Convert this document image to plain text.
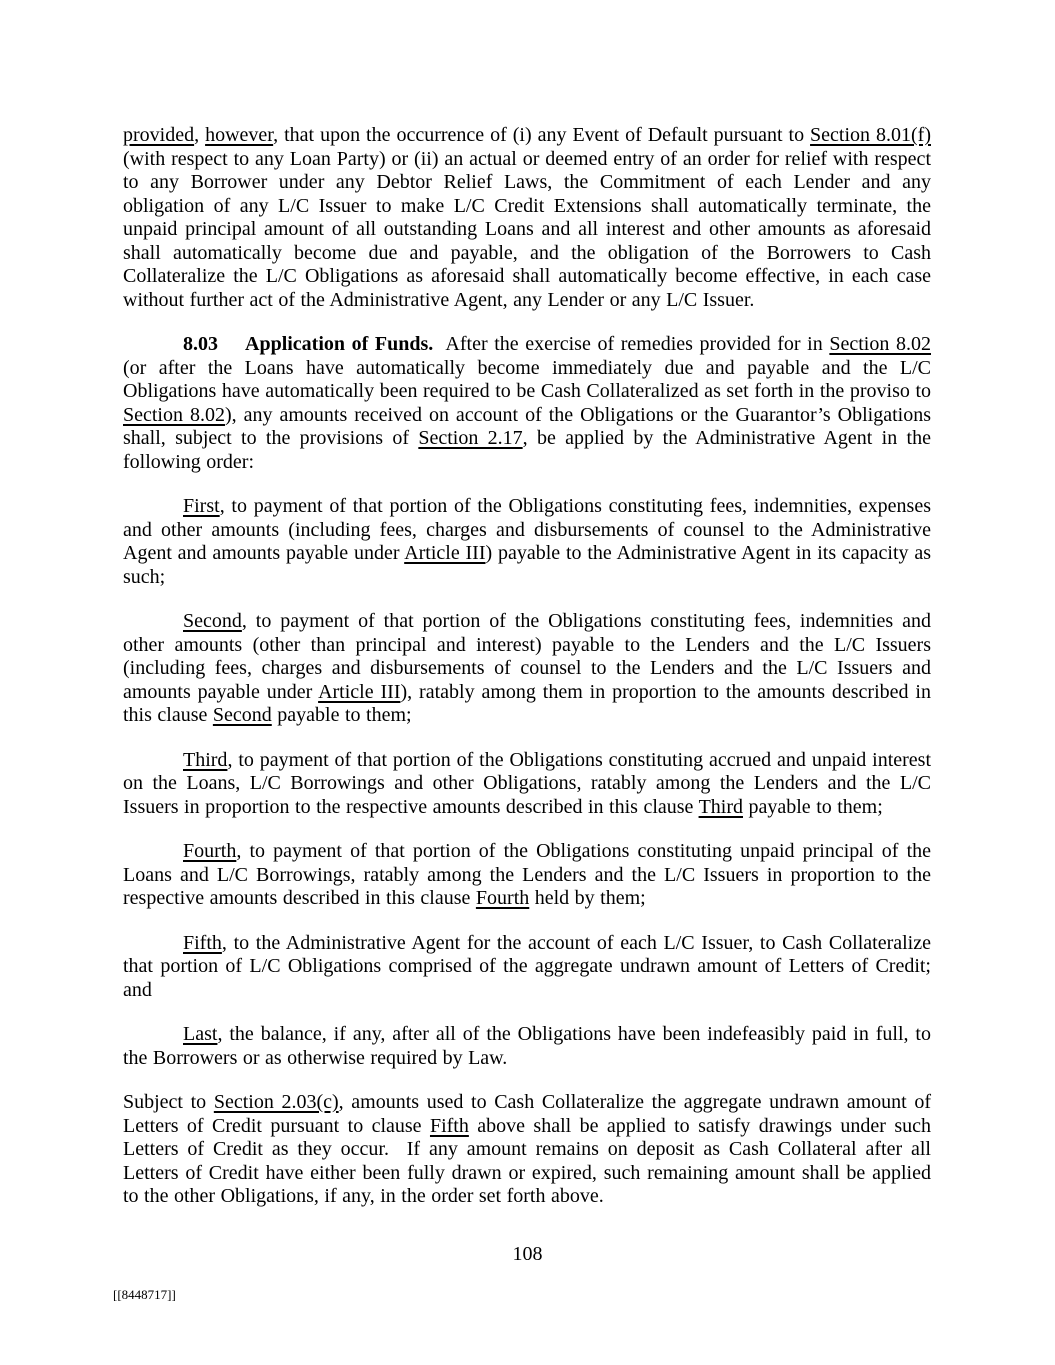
provided, however, that upon the occurrence of (i) any Event of Default pursuant to Section 8.01(f) (with respect to any Loan Party) or (ii) an actual or deemed entry of an order for relief with respect to any Borrower under any Debtor Relief Laws, the Commitment of each Lender and any obligation of any L/C Issuer to make L/C Credit Extensions shall automatically terminate, the unpaid principal amount of all outstanding Loans and all interest and other amounts as aforesaid shall automatically become due and payable, and the obligation of the Borrowers to Cash Collateralize the L/C Obligations as aforesaid shall automatically become effective, in each case without further act of the Administrative Agent, any Lender or any L/C Issuer.

8.03 Application of Funds.  After the exercise of remedies provided for in Section 8.02 (or after the Loans have automatically become immediately due and payable and the L/C Obligations have automatically been required to be Cash Collateralized as set forth in the proviso to Section 8.02), any amounts received on account of the Obligations or the Guarantor’s Obligations shall, subject to the provisions of Section 2.17, be applied by the Administrative Agent in the following order:

First, to payment of that portion of the Obligations constituting fees, indemnities, expenses and other amounts (including fees, charges and disbursements of counsel to the Administrative Agent and amounts payable under Article III) payable to the Administrative Agent in its capacity as such;

Second, to payment of that portion of the Obligations constituting fees, indemnities and other amounts (other than principal and interest) payable to the Lenders and the L/C Issuers (including fees, charges and disbursements of counsel to the Lenders and the L/C Issuers and amounts payable under Article III), ratably among them in proportion to the amounts described in this clause Second payable to them;

Third, to payment of that portion of the Obligations constituting accrued and unpaid interest on the Loans, L/C Borrowings and other Obligations, ratably among the Lenders and the L/C Issuers in proportion to the respective amounts described in this clause Third payable to them;

Fourth, to payment of that portion of the Obligations constituting unpaid principal of the Loans and L/C Borrowings, ratably among the Lenders and the L/C Issuers in proportion to the respective amounts described in this clause Fourth held by them;

Fifth, to the Administrative Agent for the account of each L/C Issuer, to Cash Collateralize that portion of L/C Obligations comprised of the aggregate undrawn amount of Letters of Credit; and

Last, the balance, if any, after all of the Obligations have been indefeasibly paid in full, to the Borrowers or as otherwise required by Law.

Subject to Section 2.03(c), amounts used to Cash Collateralize the aggregate undrawn amount of Letters of Credit pursuant to clause Fifth above shall be applied to satisfy drawings under such Letters of Credit as they occur.  If any amount remains on deposit as Cash Collateral after all Letters of Credit have either been fully drawn or expired, such remaining amount shall be applied to the other Obligations, if any, in the order set forth above.

108
[[8448717]]
